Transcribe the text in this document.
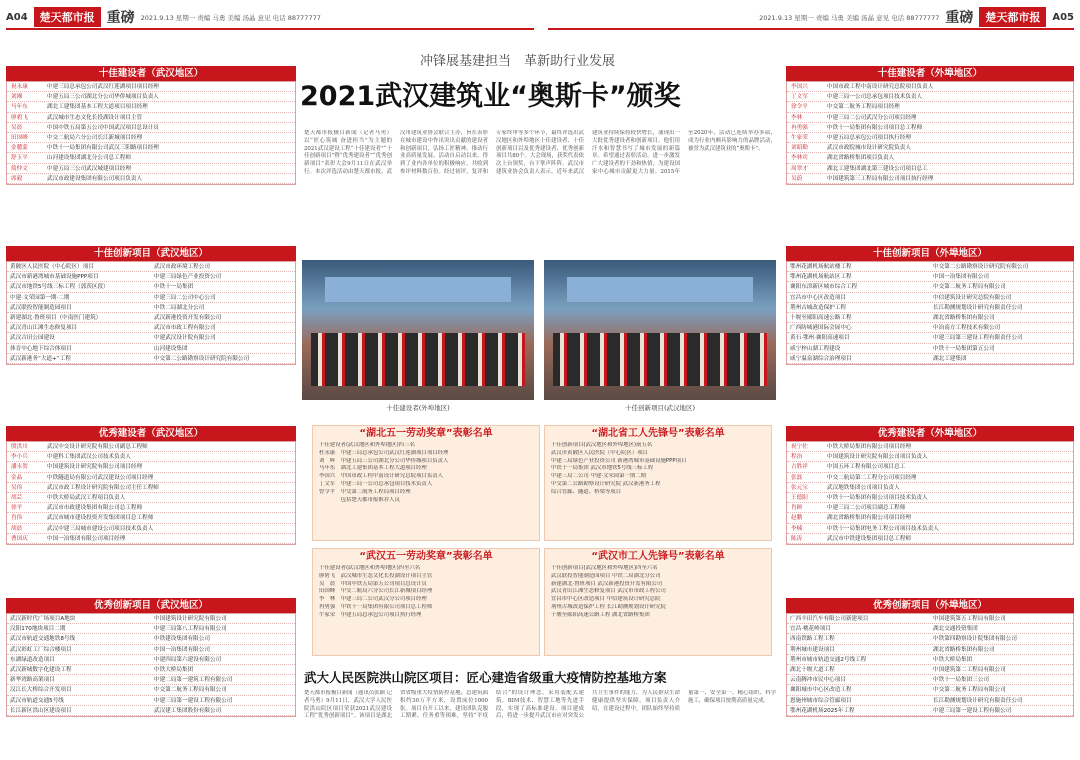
A04	楚天都市报 重磅 2021.9.13 星期一 责编 马勇 美编 汤晶 意见 电话 88777777	2021.9.13 星期一 责编 马勇 美编 汤晶 意见 电话 88777777 重磅	楚天都市报	A05
十佳建设者（武汉地区）
祝永康	中建三局总承包公司武汉红莲湖项目项目经理
刘湘	中建五局三公司湖北分公司华侨城项目负责人
马年东	湖北工建集团基本工程大道项目项目经理
廖碧飞	武汉城市生态文化长投湖设计项目主管
吴晨	中国中铁五局第五公司中国武汉项目总设计员
田国峰	中交二航局六分公司长江新城项目经理
金麓蒙	中铁十一局集团有限公司武汉三阳路项目经理
舒玉平	山河建设集团湖北分公司总工程师
简仲文	中建五局三公司武汉城建项目经理
席毅	武汉市政建设集团有限公司项目负责人
十佳创新项目（武汉地区）
黄陂区人民医院（中心院区）项目	武汉市政环境工程公司
武汉市新港湾城市基础设施PPP项目	中建三局绿色产业投资公司
武汉市地铁5号线三标工程（郭茨区段）	中铁十一局集团
中建·文荣园第一期·二期	中建三局二公司中心公司
武汉联投智能制造园项目	中铁二局湖北分公司
新建湖北·鲁班项目（中南医门建筑）	武汉新港投资开发有限公司
武汉青山江滩生态修复项目	武汉市市政工程有限公司
武汉古田公园建设	中建武汉设计院有限公司
体育中心地下综合体项目	山河建设集团
武汉新港务“大道+”工程	中交第二公路勘察设计研究院有限公司
优秀建设者（武汉地区）
殷洪川	武汉中交设计研究院有限公司副总工程师
李小兵	中建科工集团武汉公司技术负责人
潘永贺	中国建筑设计研究院有限公司项目经理
金晶	中铁隧道局有限公司武汉建设公司项目经理
吴伟	武汉市政工程设计研究院有限公司主任工程师
胡芸	中铁大桥局武汉工程项目负责人
徐平	武汉市市政建设集团有限公司总工程师
肖伟	武汉市城市建设投资开发集团项目总工程师
胡晨	武汉中建三局城市建设公司项目技术负责人
曹国庆	中国一冶集团有限公司项目经理
优秀创新项目（武汉地区）
武汉新时代广场项目A地块	中国建筑设计研究院有限公司
汉阳170地块项目二期	中建三局第八工程局有限公司
武汉市轨道交通地铁8号线	中铁建设集团有限公司
武汉彩虹工厂综合楼项目	中国一冶集团有限公司
东湖绿道改造项目	中建四局第六建设有限公司
武汉新城数字化建设工程	中铁大桥局集团
新华湾路高架项目	中建二局第一建筑工程有限公司
汉江长大桥综合开发项目	中交第二航务工程局有限公司
武汉市轨道交通5号线	中建三局第一建设工程有限公司
长江新区洪山区建设项目	武汉建工集团股份有限公司
十佳建设者（外埠地区）
李国兴	中国市政工程中南设计研究总院项目负责人
丁文军	中建三局一公司总承包项目技术负责人
徐令平	中交第二航务工程局项目经理
李林	中建三局二公司武汉分公司项目经理
冉勇强	中铁十一局集团有限公司项目总工程师
牛家荣	中建五局总承包公司项目执行经理
刘昭勤	武汉市政院城市设计研究院负责人
李林宾	湖北省路桥集团项目负责人
周翠才	湖北工建集团湖北第三建设公司项目总工
吴蔚	中国建筑第三工程局有限公司项目执行经理
十佳创新项目（外埠地区）
鄂州花湖机场航站楼工程	中交第二公路勘察设计研究院有限公司
鄂州花湖机场航站区工程	中国一冶集团有限公司
襄阳东津新区城市综合工程	中交第二航务工程局有限公司
宜昌市中心区改造项目	中信建筑设计研究总院有限公司
荆州古城改造保护工程	长江勘测规划设计研究有限责任公司
十堰至郧阳高速公路工程	湖北省路桥集团有限公司
广西防城港国际会展中心	中冶南方工程技术有限公司
黄石·鄂州·襄阳高速项目	中建三局第三建设工程有限责任公司
咸宁梓山湖工程建设	中铁十一局集团第五公司
咸宁温泉湖综合治理项目	湖北工建集团
优秀建设者（外埠地区）
祝宁佐	中铁大桥局集团有限公司项目经理
程治	中国建筑设计研究院有限公司项目负责人
占胜祥	中国五环工程有限公司项目总工
张磊	中交二航局第二工程分公司项目经理
张元宝	武汉地铁集团公司项目负责人
王德阳	中铁十一局集团有限公司项目技术负责人
肖顾	中建三局二公司项目副总工程师
赵鹏	湖北省路桥集团有限公司项目经理
李楠	中铁十一局集团电务工程公司项目技术负责人
陈涛	武汉市中铁建设集团项目总工程师
优秀创新项目（外埠地区）
广西丰田汽车有限公司新建项目	中国建筑第五工程局有限公司
宜昌·桃花岭项目	湖北交通投资集团
西南铁路工程工程	中铁第四勘察设计院集团有限公司
荆州城市建设项目	湖北省路桥集团有限公司
荆州市城市轨道交通2号线工程	中铁大桥局集团
湖北十堰大道工程	中国建筑第二工程局有限公司
云南腾冲市民中心项目	中铁十一局集团三公司
襄阳城市中心区改造工程	中交第二航务工程局有限公司
恩施州城市综合管廊项目	长江勘测规划设计研究有限责任公司
鄂州花湖机场2025年工程	中建三局第一建设工程有限公司
冲锋展基建担当　革新助行业发展
2021武汉建筑业“奥斯卡”颁奖
楚天都市报极目新闻（记者马勇）以“匠心筑城 奋进担当”为主题的2021武汉建设工程“十佳建设者”“十佳创新项目”暨“优秀建设者”“优秀创新项目”表彰大会9月11日在武汉举行。本次评选活动由楚天都市报、武汉市建筑业协会联合主办，旨在表彰在城市建设中作出突出贡献的建设者和创新项目，弘扬工匠精神，推动行业高质量发展。活动自启动以来，得到了业内各单位的积极响应，共收到参评材料数百份。经过初评、复评和专家终审等多个环节，最终评选出武汉地区和外埠地区十佳建设者、十佳创新项目以及优秀建设者、优秀创新项目共80个。大会现场，获奖代表依次上台领奖，台下掌声阵阵。武汉市建筑业协会负责人表示，近年来武汉建筑业持续保持较快增长，涌现出一大批优秀建设者和创新项目，他们用汗水和智慧书写了城市发展的新篇章。希望通过表彰活动，进一步激发广大建设者的干劲和热情，为建设国家中心城市贡献更大力量。2015年至2020年，活动已连续举办多届，成为行业内颇具影响力的品牌活动，被誉为武汉建筑业的“奥斯卡”。
十佳建设者(外埠地区)	十佳创新项目(武汉地区)
“湖北五一劳动奖章”表彰名单
十佳建设者(武汉地区和外埠地区)四三名
杜永康　中建三局总承包公司武汉红莲湖项目项目经理
刘　辉　中建五局三公司湖北分公司华侨城项目负责人
马年东　湖北工建集团基本工程大道项目经理
李国兴　中国市政工程中南设计研究总院项目负责人
丁文军　中建三局一公司总承包项目技术负责人
曾令平　中交第二航务工程局项目经理
　　　　包括楚天都市报推荐人员
“湖北省工人先锋号”表彰名单
十佳创新项目(武汉地区和外埠地区)前五名
武汉市黄陂区人民医院（中心院区）项目
中建三局绿色产业投资公司 新港湾城市基础设施PPP项目
中铁十一局集团 武汉市地铁5号线三标工程
中建三局二公司 中建·文荣园第一期二期
中交第二公路勘察设计研究院 武汉新港务工程
综合管廊、隧道、桥梁等项目
“武汉五一劳动奖章”表彰名单
十佳建设者(武汉地区和外埠地区)四至六名
廖碧飞　武汉城市生态文化长投湖设计项目主管
吴　晨　中国中铁五局第五公司项目总设计员
田国峰　中交二航局六分公司长江新城项目经理
李　林　中建三局二公司武汉分公司项目经理
冉勇强　中铁十一局集团有限公司项目总工程师
牛家荣　中建五局总承包公司项目执行经理
“武汉市工人先锋号”表彰名单
十佳创新项目(武汉地区和外埠地区)四至六名
武汉联投智能制造园项目 中铁二局湖北分公司
新建湖北·鲁班项目 武汉新港投资开发有限公司
武汉青山江滩生态修复项目 武汉市市政工程公司
宜昌市中心区改造项目 中信建筑设计研究总院
荆州古城改造保护工程 长江勘测规划设计研究院
十堰至郧阳高速公路工程 湖北省路桥集团
武大人民医院洪山院区项目：匠心建造省级重大疫情防控基地方案
楚天都市报极目新闻（通讯员张颖 记者马勇）9月11日，武汉大学人民医院洪山院区项目荣获2021武汉建设工程“优秀创新项目”。该项目是湖北省省级重大疫情防控基地，总建筑面积约30万平方米，设置床位1000张。项目自开工以来，建设团队克服工期紧、任务重等困难，坚持“平疫结合”的设计理念，采用装配式建筑、BIM技术、智慧工地等先进手段，实现了高标准建设。项目建成后，将进一步提升武汉市应对突发公共卫生事件的能力，为人民群众生命健康提供坚实保障。项目负责人介绍，在建设过程中，团队始终坚持质量第一、安全第一，精心组织、科学施工，确保项目按期高质量完成。
